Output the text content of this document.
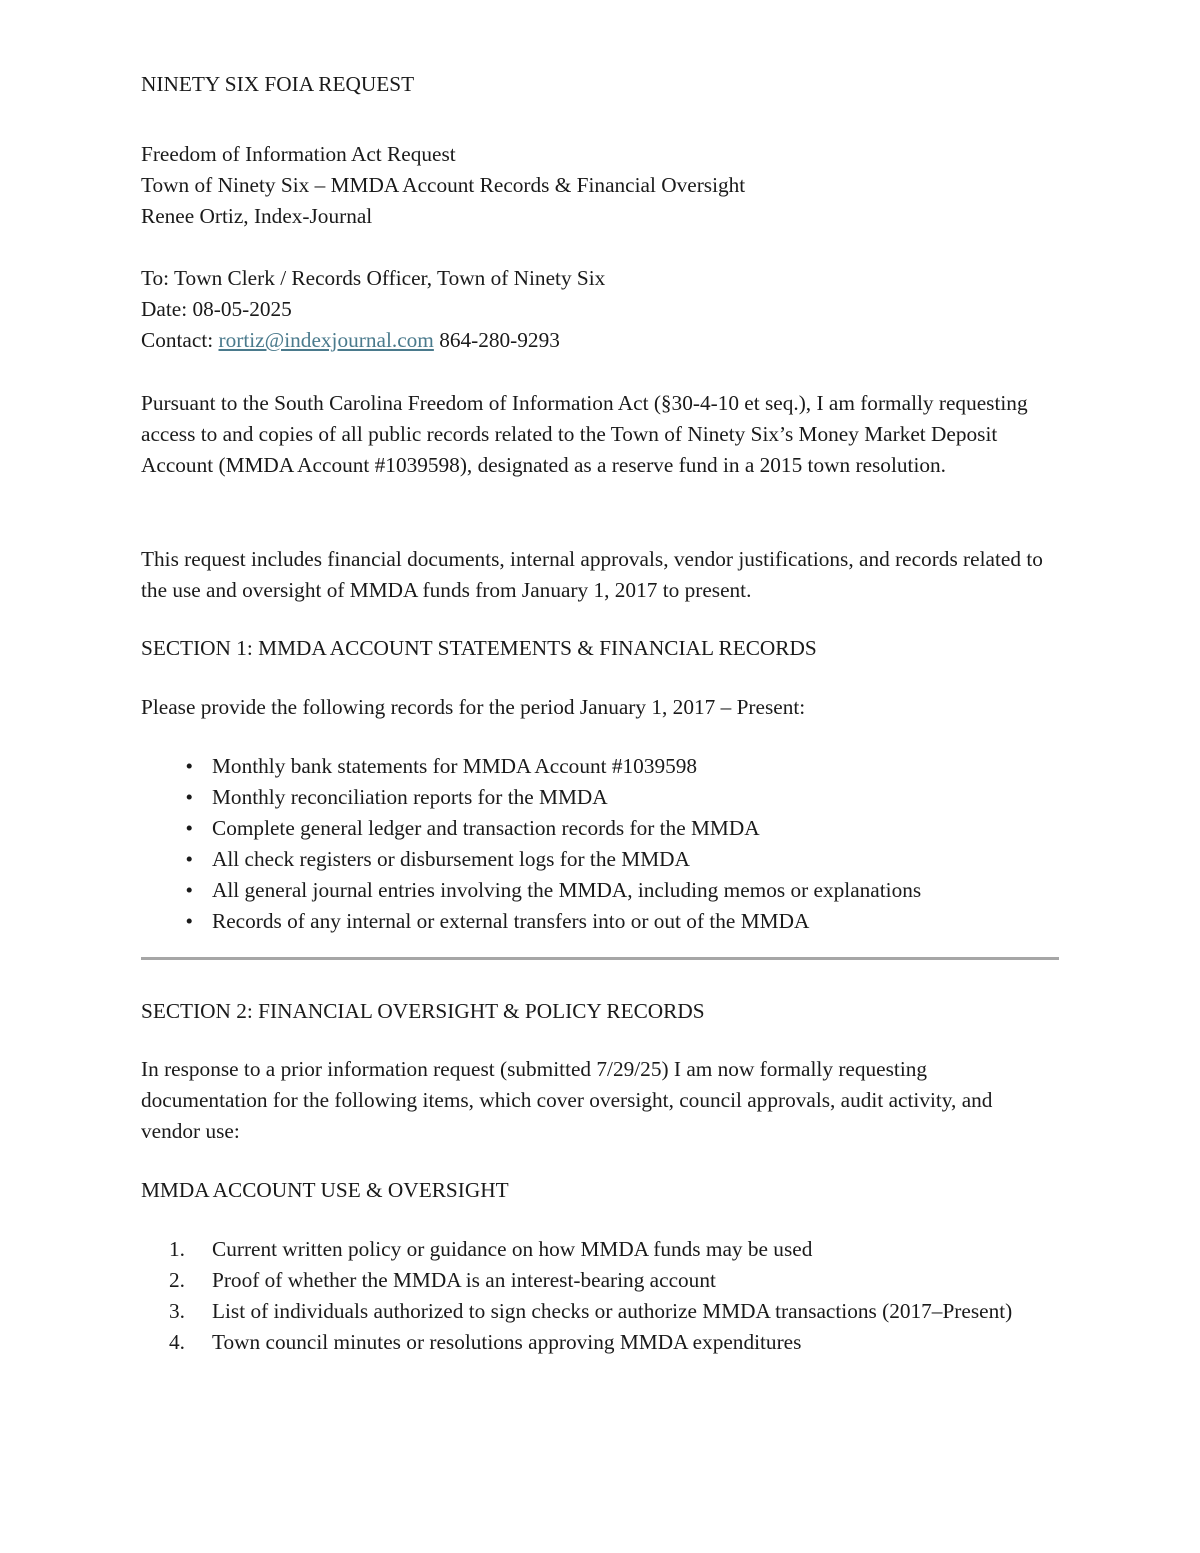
NINETY SIX FOIA REQUEST
Freedom of Information Act Request
Town of Ninety Six – MMDA Account Records & Financial Oversight
Renee Ortiz, Index-Journal
To: Town Clerk / Records Officer, Town of Ninety Six
Date: 08-05-2025
Contact: rortiz@indexjournal.com 864-280-9293
Pursuant to the South Carolina Freedom of Information Act (§30-4-10 et seq.), I am formally requesting access to and copies of all public records related to the Town of Ninety Six’s Money Market Deposit Account (MMDA Account #1039598), designated as a reserve fund in a 2015 town resolution.
This request includes financial documents, internal approvals, vendor justifications, and records related to the use and oversight of MMDA funds from January 1, 2017 to present.
SECTION 1: MMDA ACCOUNT STATEMENTS & FINANCIAL RECORDS
Please provide the following records for the period January 1, 2017 – Present:
• Monthly bank statements for MMDA Account #1039598
• Monthly reconciliation reports for the MMDA
• Complete general ledger and transaction records for the MMDA
• All check registers or disbursement logs for the MMDA
• All general journal entries involving the MMDA, including memos or explanations
• Records of any internal or external transfers into or out of the MMDA
SECTION 2: FINANCIAL OVERSIGHT & POLICY RECORDS
In response to a prior information request (submitted 7/29/25) I am now formally requesting documentation for the following items, which cover oversight, council approvals, audit activity, and vendor use:
MMDA ACCOUNT USE & OVERSIGHT
1. Current written policy or guidance on how MMDA funds may be used
2. Proof of whether the MMDA is an interest-bearing account
3. List of individuals authorized to sign checks or authorize MMDA transactions (2017–Present)
4. Town council minutes or resolutions approving MMDA expenditures
